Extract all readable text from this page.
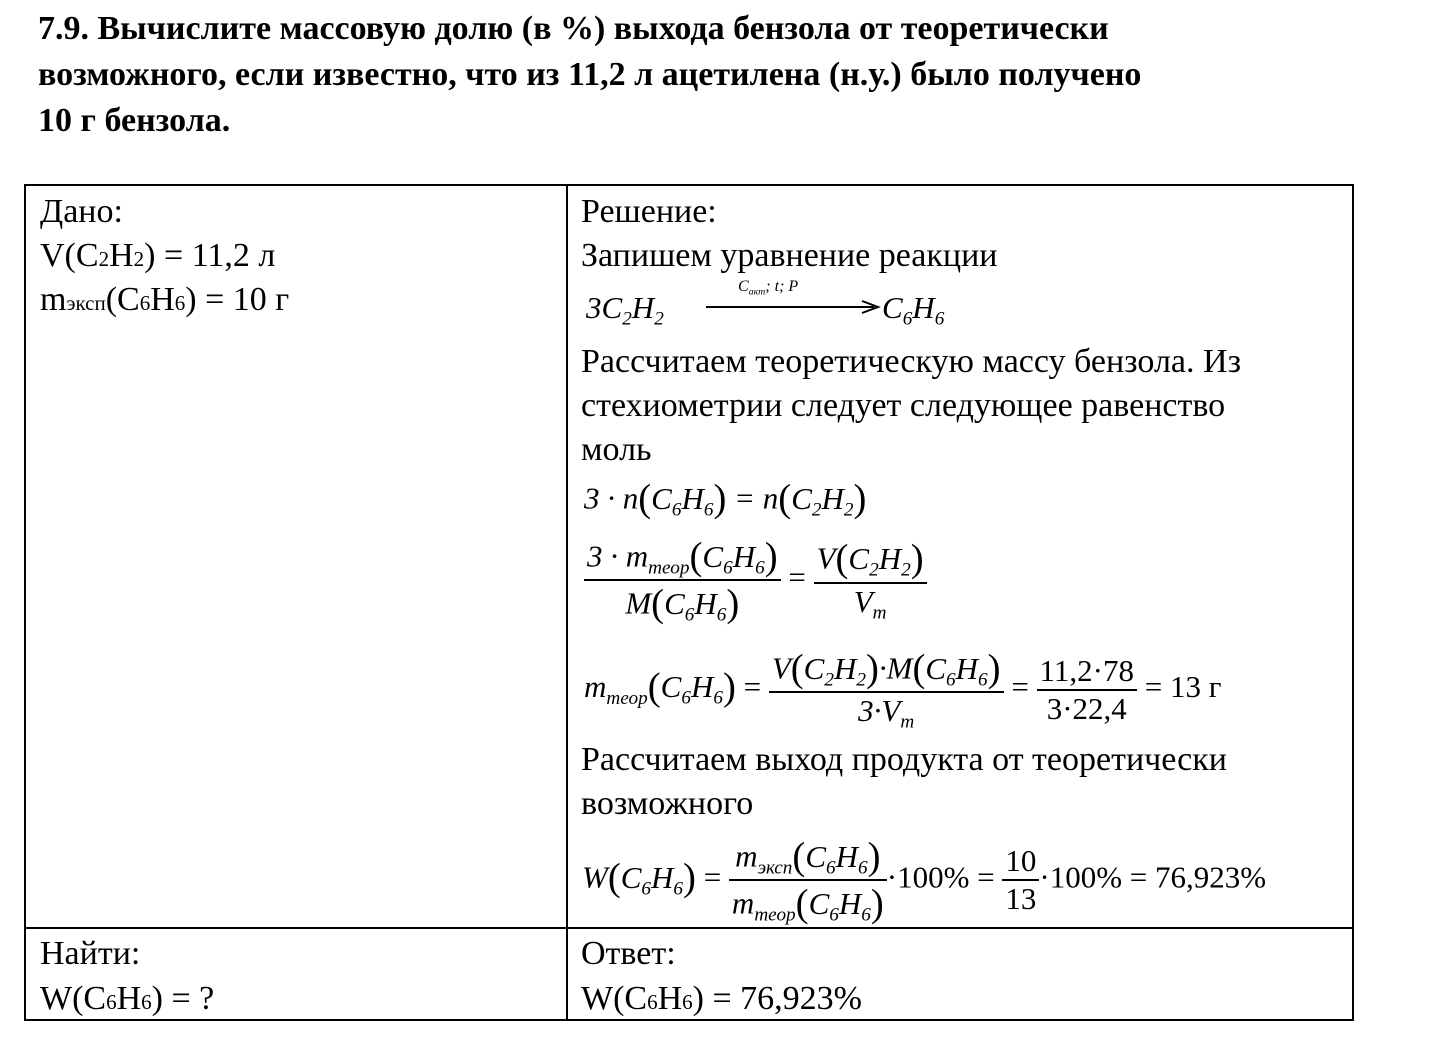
7.9. Вычислите массовую долю (в %) выхода бензола от теоретически
возможного, если известно, что из 11,2 л ацетилена (н.у.) было получено
10 г бензола.
Дано:
V(C2H2) = 11,2 л
mэксп(C6H6) = 10 г
Найти:
W(C6H6) = ?
Решение:
Запишем уравнение реакции
$3C_2H_2$
$C_{акт}$; t; P
$C_6H_6$
Рассчитаем теоретическую массу бензола. Из
стехиометрии следует следующее равенство
моль
$3 \cdot n(C_6H_6) = n(C_2H_2)$
$\frac{3 \cdot m_{теор}(C_6H_6)}{M(C_6H_6)} = \frac{V(C_2H_2)}{V_m}$
$m_{теор}(C_6H_6) = \frac{V(C_2H_2)\cdot M(C_6H_6)}{3\cdot V_m} = \frac{11,2\cdot 78}{3\cdot 22,4} = 13$ г
Рассчитаем выход продукта от теоретически
возможного
$W(C_6H_6) = \frac{m_{эксп}(C_6H_6)}{m_{теор}(C_6H_6)} \cdot 100\% = \frac{10}{13} \cdot 100\% = 76,923\%$
Ответ:
W(C6H6) = 76,923%
